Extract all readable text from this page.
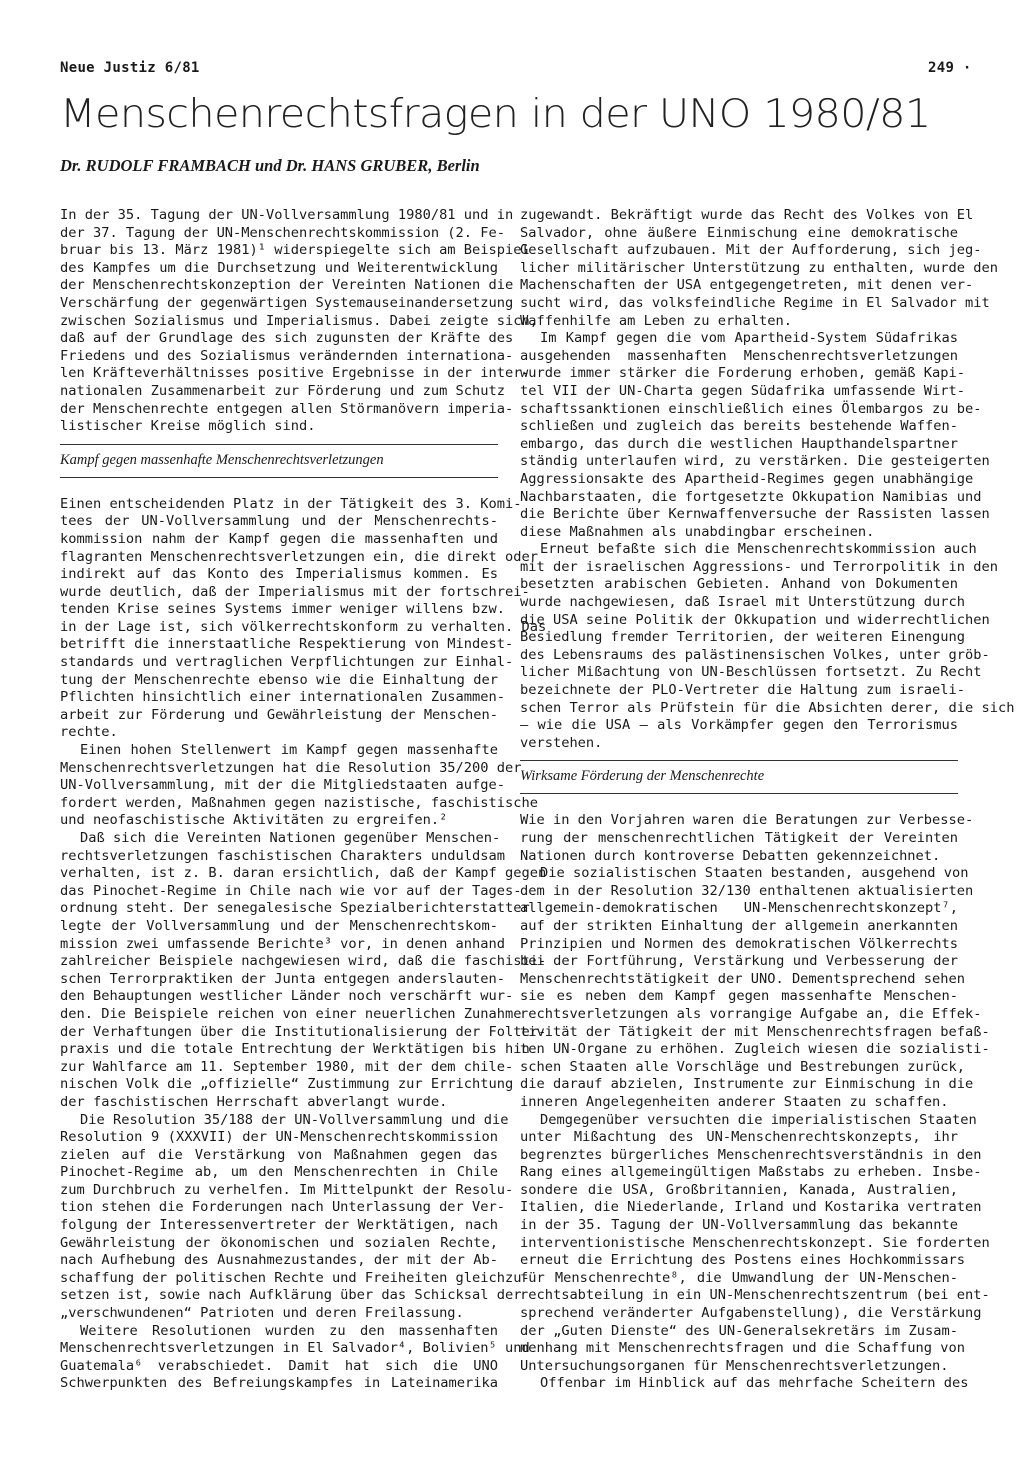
Neue Justiz 6/81	249 ·
Menschenrechtsfragen in der UNO 1980/81
Dr. RUDOLF FRAMBACH und Dr. HANS GRUBER, Berlin

In der 35. Tagung der UN-Vollversammlung 1980/81 und in

der 37. Tagung der UN-Menschenrechtskommission (2. Fe-

bruar bis 13. März 1981)¹ widerspiegelte sich am Beispiel

des Kampfes um die Durchsetzung und Weiterentwicklung

der Menschenrechtskonzeption der Vereinten Nationen die

Verschärfung der gegenwärtigen Systemauseinandersetzung

zwischen Sozialismus und Imperialismus. Dabei zeigte sich,

daß auf der Grundlage des sich zugunsten der Kräfte des

Friedens und des Sozialismus verändernden internationa-

len Kräfteverhältnisses positive Ergebnisse in der inter-

nationalen Zusammenarbeit zur Förderung und zum Schutz

der Menschenrechte entgegen allen Störmanövern imperia-

listischer Kreise möglich sind.

Kampf gegen massenhafte Menschenrechtsverletzungen

Einen entscheidenden Platz in der Tätigkeit des 3. Komi-

tees der UN-Vollversammlung und der Menschenrechts-

kommission nahm der Kampf gegen die massenhaften und

flagranten Menschenrechtsverletzungen ein, die direkt oder

indirekt auf das Konto des Imperialismus kommen. Es

wurde deutlich, daß der Imperialismus mit der fortschrei-

tenden Krise seines Systems immer weniger willens bzw.

in der Lage ist, sich völkerrechtskonform zu verhalten. Das

betrifft die innerstaatliche Respektierung von Mindest-

standards und vertraglichen Verpflichtungen zur Einhal-

tung der Menschenrechte ebenso wie die Einhaltung der

Pflichten hinsichtlich einer internationalen Zusammen-

arbeit zur Förderung und Gewährleistung der Menschen-

rechte.

Einen hohen Stellenwert im Kampf gegen massenhafte

Menschenrechtsverletzungen hat die Resolution 35/200 der

UN-Vollversammlung, mit der die Mitgliedstaaten aufge-

fordert werden, Maßnahmen gegen nazistische, faschistische

und neofaschistische Aktivitäten zu ergreifen.²

Daß sich die Vereinten Nationen gegenüber Menschen-

rechtsverletzungen faschistischen Charakters unduldsam

verhalten, ist z. B. daran ersichtlich, daß der Kampf gegen

das Pinochet-Regime in Chile nach wie vor auf der Tages-

ordnung steht. Der senegalesische Spezialberichterstatter

legte der Vollversammlung und der Menschenrechtskom-

mission zwei umfassende Berichte³ vor, in denen anhand

zahlreicher Beispiele nachgewiesen wird, daß die faschisti-

schen Terrorpraktiken der Junta entgegen anderslauten-

den Behauptungen westlicher Länder noch verschärft wur-

den. Die Beispiele reichen von einer neuerlichen Zunahme

der Verhaftungen über die Institutionalisierung der Folter-

praxis und die totale Entrechtung der Werktätigen bis hin

zur Wahlfarce am 11. September 1980, mit der dem chile-

nischen Volk die „offizielle“ Zustimmung zur Errichtung

der faschistischen Herrschaft abverlangt wurde.

Die Resolution 35/188 der UN-Vollversammlung und die

Resolution 9 (XXXVII) der UN-Menschenrechtskommission

zielen auf die Verstärkung von Maßnahmen gegen das

Pinochet-Regime ab, um den Menschenrechten in Chile

zum Durchbruch zu verhelfen. Im Mittelpunkt der Resolu-

tion stehen die Forderungen nach Unterlassung der Ver-

folgung der Interessenvertreter der Werktätigen, nach

Gewährleistung der ökonomischen und sozialen Rechte,

nach Aufhebung des Ausnahmezustandes, der mit der Ab-

schaffung der politischen Rechte und Freiheiten gleichzu-

setzen ist, sowie nach Aufklärung über das Schicksal der

„verschwundenen“ Patrioten und deren Freilassung.

Weitere Resolutionen wurden zu den massenhaften

Menschenrechtsverletzungen in El Salvador⁴, Bolivien⁵ und

Guatemala⁶ verabschiedet. Damit hat sich die UNO

Schwerpunkten des Befreiungskampfes in Lateinamerika

zugewandt. Bekräftigt wurde das Recht des Volkes von El

Salvador, ohne äußere Einmischung eine demokratische

Gesellschaft aufzubauen. Mit der Aufforderung, sich jeg-

licher militärischer Unterstützung zu enthalten, wurde den

Machenschaften der USA entgegengetreten, mit denen ver-

sucht wird, das volksfeindliche Regime in El Salvador mit

Waffenhilfe am Leben zu erhalten.

Im Kampf gegen die vom Apartheid-System Südafrikas

ausgehenden massenhaften Menschenrechtsverletzungen

wurde immer stärker die Forderung erhoben, gemäß Kapi-

tel VII der UN-Charta gegen Südafrika umfassende Wirt-

schaftssanktionen einschließlich eines Ölembargos zu be-

schließen und zugleich das bereits bestehende Waffen-

embargo, das durch die westlichen Haupthandelspartner

ständig unterlaufen wird, zu verstärken. Die gesteigerten

Aggressionsakte des Apartheid-Regimes gegen unabhängige

Nachbarstaaten, die fortgesetzte Okkupation Namibias und

die Berichte über Kernwaffenversuche der Rassisten lassen

diese Maßnahmen als unabdingbar erscheinen.

Erneut befaßte sich die Menschenrechtskommission auch

mit der israelischen Aggressions- und Terrorpolitik in den

besetzten arabischen Gebieten. Anhand von Dokumenten

wurde nachgewiesen, daß Israel mit Unterstützung durch

die USA seine Politik der Okkupation und widerrechtlichen

Besiedlung fremder Territorien, der weiteren Einengung

des Lebensraums des palästinensischen Volkes, unter gröb-

licher Mißachtung von UN-Beschlüssen fortsetzt. Zu Recht

bezeichnete der PLO-Vertreter die Haltung zum israeli-

schen Terror als Prüfstein für die Absichten derer, die sich

— wie die USA — als Vorkämpfer gegen den Terrorismus

verstehen.

Wirksame Förderung der Menschenrechte

Wie in den Vorjahren waren die Beratungen zur Verbesse-

rung der menschenrechtlichen Tätigkeit der Vereinten

Nationen durch kontroverse Debatten gekennzeichnet.

Die sozialistischen Staaten bestanden, ausgehend von

dem in der Resolution 32/130 enthaltenen aktualisierten

allgemein-demokratischen UN-Menschenrechtskonzept⁷,

auf der strikten Einhaltung der allgemein anerkannten

Prinzipien und Normen des demokratischen Völkerrechts

bei der Fortführung, Verstärkung und Verbesserung der

Menschenrechtstätigkeit der UNO. Dementsprechend sehen

sie es neben dem Kampf gegen massenhafte Menschen-

rechtsverletzungen als vorrangige Aufgabe an, die Effek-

tivität der Tätigkeit der mit Menschenrechtsfragen befaß-

ten UN-Organe zu erhöhen. Zugleich wiesen die sozialisti-

schen Staaten alle Vorschläge und Bestrebungen zurück,

die darauf abzielen, Instrumente zur Einmischung in die

inneren Angelegenheiten anderer Staaten zu schaffen.

Demgegenüber versuchten die imperialistischen Staaten

unter Mißachtung des UN-Menschenrechtskonzepts, ihr

begrenztes bürgerliches Menschenrechtsverständnis in den

Rang eines allgemeingültigen Maßstabs zu erheben. Insbe-

sondere die USA, Großbritannien, Kanada, Australien,

Italien, die Niederlande, Irland und Kostarika vertraten

in der 35. Tagung der UN-Vollversammlung das bekannte

interventionistische Menschenrechtskonzept. Sie forderten

erneut die Errichtung des Postens eines Hochkommissars

für Menschenrechte⁸, die Umwandlung der UN-Menschen-

rechtsabteilung in ein UN-Menschenrechtszentrum (bei ent-

sprechend veränderter Aufgabenstellung), die Verstärkung

der „Guten Dienste“ des UN-Generalsekretärs im Zusam-

menhang mit Menschenrechtsfragen und die Schaffung von

Untersuchungsorganen für Menschenrechtsverletzungen.

Offenbar im Hinblick auf das mehrfache Scheitern des
